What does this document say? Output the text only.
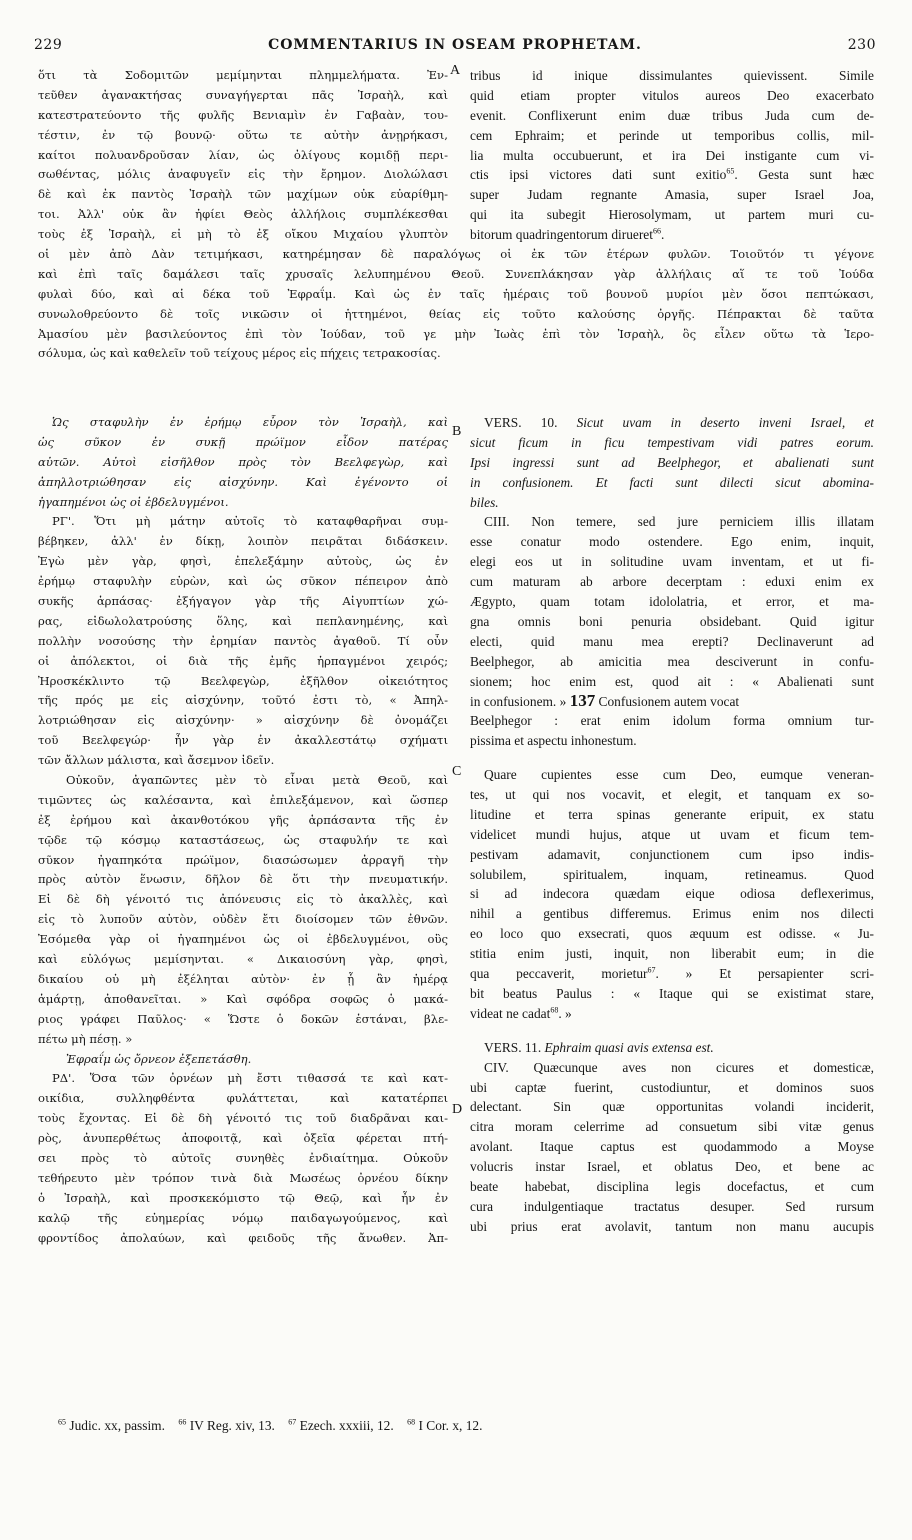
229	COMMENTARIUS IN OSEAM PROPHETAM.	230
A
B
C
D
ὅτι τὰ Σοδομιτῶν μεμίμηνται πλημμελήματα. Ἐν-
τεῦθεν ἀγανακτήσας συναγήγερται πᾶς Ἰσραὴλ, καὶ
κατεστρατεύοντο τῆς φυλῆς Βενιαμὶν ἐν Γαβαὰν, του-
τέστιν, ἐν τῷ βουνῷ· οὕτω τε αὐτὴν ἀνῃρήκασι,
καίτοι πολυανδροῦσαν λίαν, ὡς ὀλίγους κομιδῇ περι-
σωθέντας, μόλις ἀναφυγεῖν εἰς τὴν ἔρημον. Διολώλασι
δὲ καὶ ἐκ παντὸς Ἰσραὴλ τῶν μαχίμων οὐκ εὐαρίθμη-
τοι. Ἀλλ' οὐκ ἂν ἠφίει Θεὸς ἀλλήλοις συμπλέκεσθαι
τοὺς ἐξ Ἰσραὴλ, εἰ μὴ τὸ ἐξ οἴκου Μιχαίου γλυπτὸν
tribus id inique dissimulantes quievissent. Simile
quid etiam propter vitulos aureos Deo exacerbato
evenit. Conflixerunt enim duæ tribus Juda cum de-
cem Ephraim; et perinde ut temporibus collis, mil-
lia multa occubuerunt, et ira Dei instigante cum vi-
ctis ipsi victores dati sunt exitio$^{65}$. Gesta sunt hæc
super Judam regnante Amasia, super Israel Joa,
qui ita subegit Hierosolymam, ut partem muri cu-
bitorum quadringentorum dirueret$^{66}$.
οἱ μὲν ἀπὸ Δὰν τετιμήκασι, κατηρέμησαν δὲ παραλόγως οἱ ἐκ τῶν ἑτέρων φυλῶν. Τοιοῦτόν τι γέγονε
καὶ ἐπὶ ταῖς δαμάλεσι ταῖς χρυσαῖς λελυπημένου Θεοῦ. Συνεπλάκησαν γὰρ ἀλλήλαις αἵ τε τοῦ Ἰούδα
φυλαὶ δύο, καὶ αἱ δέκα τοῦ Ἐφραΐμ. Καὶ ὡς ἐν ταῖς ἡμέραις τοῦ βουνοῦ μυρίοι μὲν ὅσοι πεπτώκασι,
συνωλοθρεύοντο δὲ τοῖς νικῶσιν οἱ ἡττημένοι, θείας εἰς τοῦτο καλούσης ὀργῆς. Πέπρακται δὲ ταῦτα
Ἀμασίου μὲν βασιλεύοντος ἐπὶ τὸν Ἰούδαν, τοῦ γε μὴν Ἰωὰς ἐπὶ τὸν Ἰσραὴλ, ὃς εἷλεν οὕτω τὰ Ἱερο-
σόλυμα, ὡς καὶ καθελεῖν τοῦ τείχους μέρος εἰς πήχεις τετρακοσίας.
Ὡς σταφυλὴν ἐν ἐρήμῳ εὗρον τὸν Ἰσραὴλ, καὶ
ὡς σῦκον ἐν συκῇ πρώϊμον εἶδον πατέρας
αὐτῶν. Αὐτοὶ εἰσῆλθον πρὸς τὸν Βεελφεγὼρ, καὶ
ἀπηλλοτριώθησαν εἰς αἰσχύνην. Καὶ ἐγένοντο οἱ
ἠγαπημένοι ὡς οἱ ἐβδελυγμένοι.
ΡΓ'. Ὅτι μὴ μάτην αὐτοῖς τὸ καταφθαρῆναι συμ-
βέβηκεν, ἀλλ' ἐν δίκῃ, λοιπὸν πειρᾶται διδάσκειν.
Ἐγὼ μὲν γὰρ, φησὶ, ἐπελεξάμην αὐτοὺς, ὡς ἐν
ἐρήμῳ σταφυλὴν εὑρὼν, καὶ ὡς σῦκον πέπειρον ἀπὸ
συκῆς ἁρπάσας· ἐξήγαγον γὰρ τῆς Αἰγυπτίων χώ-
ρας, εἰδωλολατρούσης ὅλης, καὶ πεπλανημένης, καὶ
πολλὴν νοσούσης τὴν ἐρημίαν παντὸς ἀγαθοῦ. Τί οὖν
οἱ ἀπόλεκτοι, οἱ διὰ τῆς ἐμῆς ἡρπαγμένοι χειρός;
Ἠροσκέκλιντο τῷ Βεελφεγὼρ, ἐξῆλθον οἰκειότητος
τῆς πρός με εἰς αἰσχύνην, τοῦτό ἐστι τὸ, « Ἀπηλ-
λοτριώθησαν εἰς αἰσχύνην· » αἰσχύνην δὲ ὀνομάζει
τοῦ Βεελφεγώρ· ἦν γὰρ ἐν ἀκαλλεστάτῳ σχήματι
τῶν ἄλλων μάλιστα, καὶ ἄσεμνον ἰδεῖν.
Οὐκοῦν, ἀγαπῶντες μὲν τὸ εἶναι μετὰ Θεοῦ, καὶ
τιμῶντες ὡς καλέσαντα, καὶ ἐπιλεξάμενον, καὶ ὥσπερ
ἐξ ἐρήμου καὶ ἀκανθοτόκου γῆς ἁρπάσαντα τῆς ἐν
τῷδε τῷ κόσμῳ καταστάσεως, ὡς σταφυλήν τε καὶ
σῦκον ἠγαπηκότα πρώϊμον, διασώσωμεν ἀρραγῆ τὴν
πρὸς αὐτὸν ἕνωσιν, δῆλον δὲ ὅτι τὴν πνευματικήν.
Εἰ δὲ δὴ γένοιτό τις ἀπόνευσις εἰς τὸ ἀκαλλὲς, καὶ
εἰς τὸ λυποῦν αὐτὸν, οὐδὲν ἔτι διοίσομεν τῶν ἐθνῶν.
Ἐσόμεθα γὰρ οἱ ἠγαπημένοι ὡς οἱ ἐβδελυγμένοι, οὓς
καὶ εὐλόγως μεμίσηνται. « Δικαιοσύνη γὰρ, φησὶ,
δικαίου οὐ μὴ ἐξέληται αὐτὸν· ἐν ᾗ ἂν ἡμέρᾳ
ἁμάρτῃ, ἀποθανεῖται. » Καὶ σφόδρα σοφῶς ὁ μακά-
ριος γράφει Παῦλος· « Ὥστε ὁ δοκῶν ἑστάναι, βλε-
πέτω μὴ πέσῃ. »
Ἐφραΐμ ὡς ὄρνεον ἐξεπετάσθη.
ΡΔ'. Ὅσα τῶν ὀρνέων μὴ ἔστι τιθασσά τε καὶ κατ-
οικίδια, συλληφθέντα φυλάττεται, καὶ κατατέρπει
τοὺς ἔχοντας. Εἰ δὲ δὴ γένοιτό τις τοῦ διαδρᾶναι και-
ρὸς, ἀνυπερθέτως ἀποφοιτᾷ, καὶ ὀξεῖα φέρεται πτή-
σει πρὸς τὸ αὐτοῖς συνηθὲς ἐνδιαίτημα. Οὐκοῦν
τεθήρευτο μὲν τρόπον τινὰ διὰ Μωσέως ὀρνέου δίκην
ὁ Ἰσραὴλ, καὶ προσκεκόμιστο τῷ Θεῷ, καὶ ἦν ἐν
καλῷ τῆς εὐημερίας νόμῳ παιδαγωγούμενος, καὶ
φροντίδος ἀπολαύων, καὶ φειδοῦς τῆς ἄνωθεν. Ἀπ-
VERS. 10. Sicut uvam in deserto inveni Israel, et
sicut ficum in ficu tempestivam vidi patres eorum.
Ipsi ingressi sunt ad Beelphegor, et abalienati sunt
in confusionem. Et facti sunt dilecti sicut abomina-
biles.
CIII. Non temere, sed jure perniciem illis illatam
esse conatur modo ostendere. Ego enim, inquit,
elegi eos ut in solitudine uvam inventam, et ut fi-
cum maturam ab arbore decerptam : eduxi enim ex
Ægypto, quam totam idololatria, et error, et ma-
gna omnis boni penuria obsidebant. Quid igitur
electi, quid manu mea erepti? Declinaverunt ad
Beelphegor, ab amicitia mea desciverunt in confu-
sionem; hoc enim est, quod ait : « Abalienati sunt
in confusionem. » 137 Confusionem autem vocat
Beelphegor : erat enim idolum forma omnium tur-
pissima et aspectu inhonestum.
Quare cupientes esse cum Deo, eumque veneran-
tes, ut qui nos vocavit, et elegit, et tanquam ex so-
litudine et terra spinas generante eripuit, ex statu
videlicet mundi hujus, atque ut uvam et ficum tem-
pestivam adamavit, conjunctionem cum ipso indis-
solubilem, spiritualem, inquam, retineamus. Quod
si ad indecora quædam eique odiosa deflexerimus,
nihil a gentibus differemus. Erimus enim nos dilecti
eo loco quo exsecrati, quos æquum est odisse. « Ju-
stitia enim justi, inquit, non liberabit eum; in die
qua peccaverit, morietur$^{67}$. » Et persapienter scri-
bit beatus Paulus : « Itaque qui se existimat stare,
videat ne cadat$^{68}$. »
VERS. 11. Ephraim quasi avis extensa est.
CIV. Quæcunque aves non cicures et domesticæ,
ubi captæ fuerint, custodiuntur, et dominos suos
delectant. Sin quæ opportunitas volandi inciderit,
citra moram celerrime ad consuetum sibi vitæ genus
avolant. Itaque captus est quodammodo a Moyse
volucris instar Israel, et oblatus Deo, et bene ac
beate habebat, disciplina legis docefactus, et cum
cura indulgentiaque tractatus desuper. Sed rursum
ubi prius erat avolavit, tantum non manu aucupis
$^{65}$ Judic. xx, passim. $^{66}$ IV Reg. xiv, 13. $^{67}$ Ezech. xxxiii, 12. $^{68}$ I Cor. x, 12.
